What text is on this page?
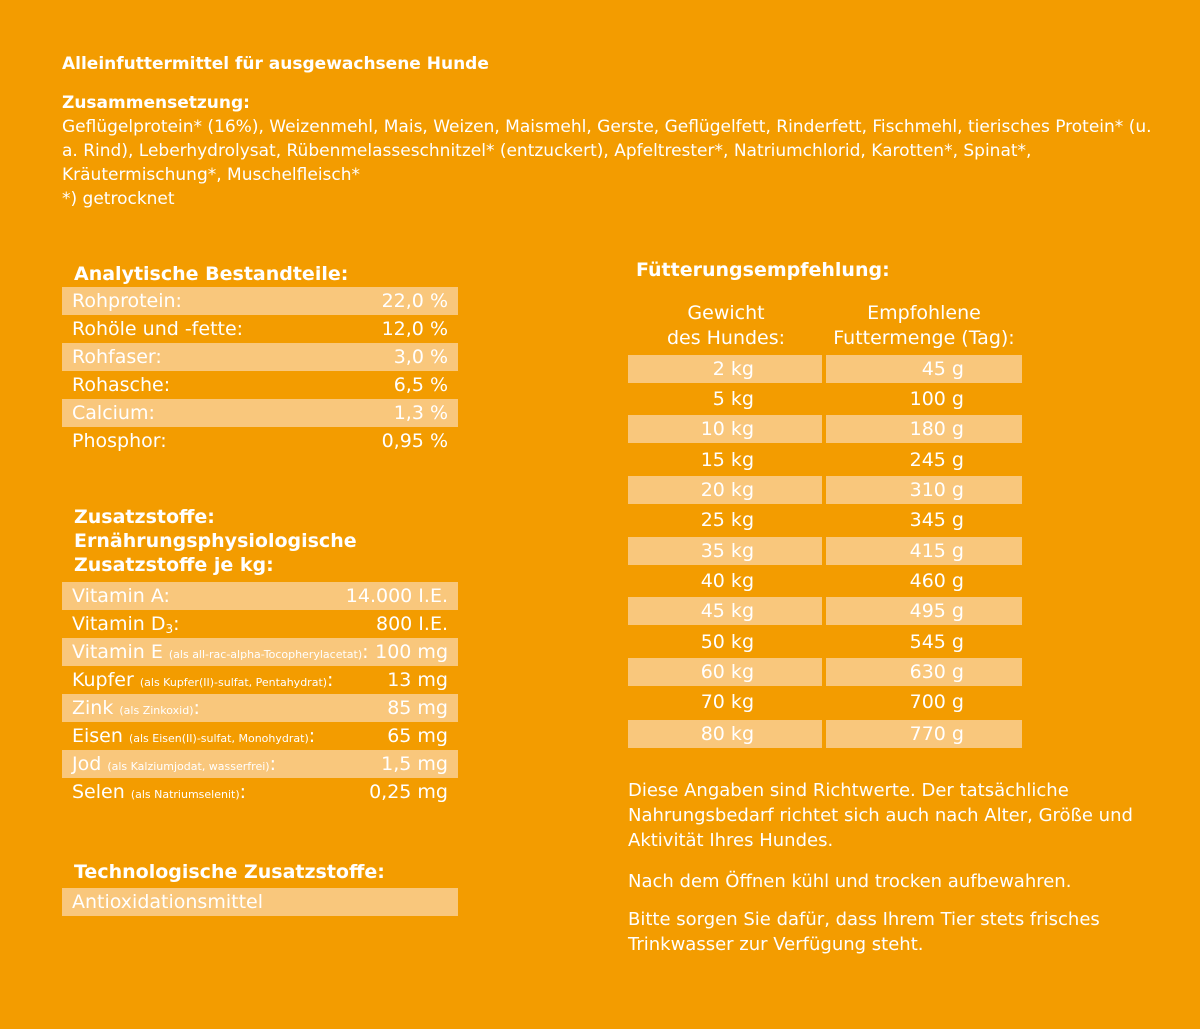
Alleinfuttermittel für ausgewachsene Hunde
Zusammensetzung:
Geflügelprotein* (16%), Weizenmehl, Mais, Weizen, Maismehl, Gerste, Geflügelfett, Rinderfett, Fischmehl, tierisches Protein* (u. a. Rind), Leberhydrolysat, Rübenmelasseschnitzel* (entzuckert), Apfeltrester*, Natriumchlorid, Karotten*, Spinat*, Kräutermischung*, Muschelfleisch*
*) getrocknet
Analytische Bestandteile:
Rohprotein:	22,0 %
Rohöle und -fette:	12,0 %
Rohfaser:	3,0 %
Rohasche:	6,5 %
Calcium:	1,3 %
Phosphor:	0,95 %
Zusatzstoffe:
Ernährungsphysiologische
Zusatzstoffe je kg:
Vitamin A:	14.000 I.E.
Vitamin $D_3$:	800 I.E.
Vitamin E (als all-rac-alpha-Tocopherylacetat): 100 mg
Kupfer (als Kupfer(II)-sulfat, Pentahydrat):	13 mg
Zink (als Zinkoxid):	85 mg
Eisen (als Eisen(II)-sulfat, Monohydrat):	65 mg
Jod (als Kalziumjodat, wasserfrei):	1,5 mg
Selen (als Natriumselenit):	0,25 mg
Technologische Zusatzstoffe:
Antioxidationsmittel
Fütterungsempfehlung:
Gewicht
des Hundes:
Empfohlene
Futtermenge (Tag):
2 kg	45 g
5 kg	100 g
10 kg	180 g
15 kg	245 g
20 kg	310 g
25 kg	345 g
35 kg	415 g
40 kg	460 g
45 kg	495 g
50 kg	545 g
60 kg	630 g
70 kg	700 g
80 kg	770 g
Diese Angaben sind Richtwerte. Der tatsächliche Nahrungsbedarf richtet sich auch nach Alter, Größe und Aktivität Ihres Hundes.
Nach dem Öffnen kühl und trocken aufbewahren.
Bitte sorgen Sie dafür, dass Ihrem Tier stets frisches Trinkwasser zur Verfügung steht.
